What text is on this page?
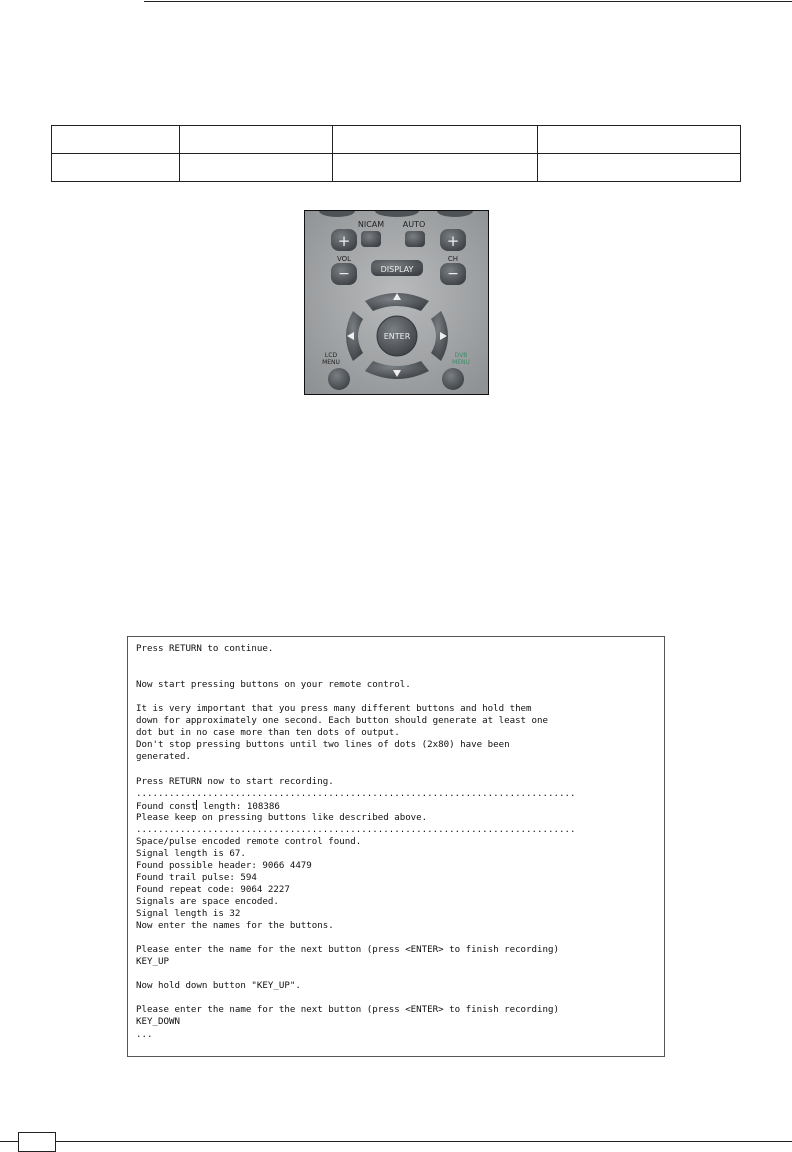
+
NICAM AUTO
+
VOL	CH
−	DISPLAY −
ENTER
LCD
MENU
DVB
MENU
Press RETURN to continue.
Now start pressing buttons on your remote control.
It is very important that you press many different buttons and hold them
down for approximately one second. Each button should generate at least one
dot but in no case more than ten dots of output.
Don't stop pressing buttons until two lines of dots (2x80) have been
generated.
Press RETURN now to start recording.
................................................................................
Found const length: 108386
Please keep on pressing buttons like described above.
................................................................................
Space/pulse encoded remote control found.
Signal length is 67.
Found possible header: 9066 4479
Found trail pulse: 594
Found repeat code: 9064 2227
Signals are space encoded.
Signal length is 32
Now enter the names for the buttons.
Please enter the name for the next button (press <ENTER> to finish recording)
KEY_UP
Now hold down button "KEY_UP".
Please enter the name for the next button (press <ENTER> to finish recording)
KEY_DOWN
...
